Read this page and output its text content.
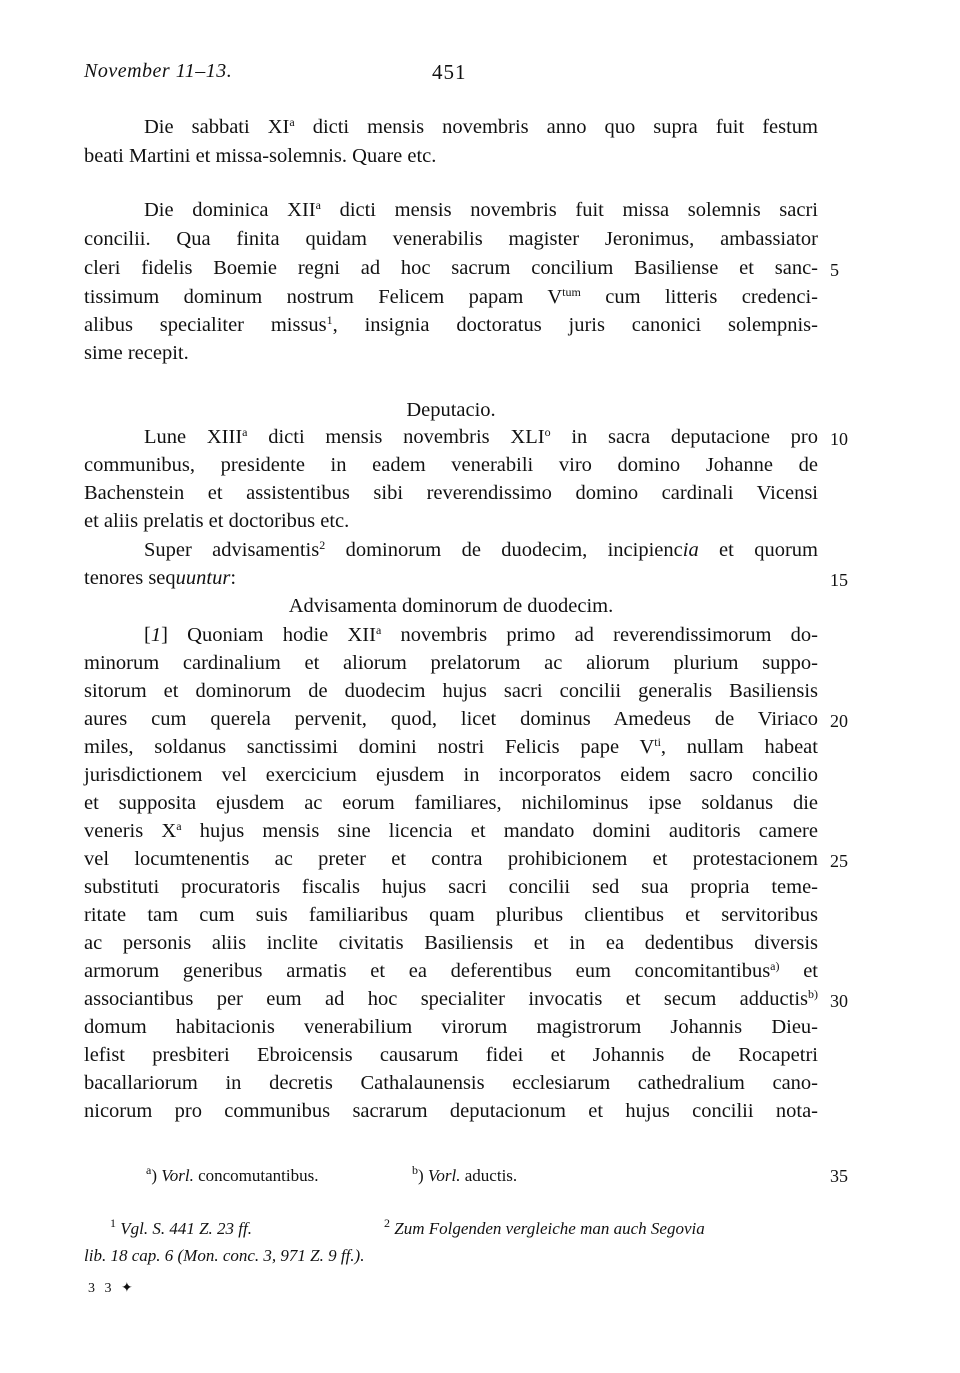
November 11–13.	451
Die sabbati $XI^a$ dicti mensis novembris anno quo supra fuit festum
beati Martini et missa-solemnis. Quare etc.
Die dominica XII$^a$ dicti mensis novembris fuit missa solemnis sacri
concilii. Qua finita quidam venerabilis magister Jeronimus, ambassiator
cleri fidelis Boemie regni ad hoc sacrum concilium Basiliense et sanc- 5
tissimum dominum nostrum Felicem papam $V^{tum}$ cum litteris credenci-
alibus specialiter missus$^1$, insignia doctoratus juris canonici solempnis-
sime recepit.
Deputacio.
Lune XIII$^a$ dicti mensis novembris XLI$^o$ in sacra deputacione pro 10
communibus, presidente in eadem venerabili viro domino Johanne de
Bachenstein et assistentibus sibi reverendissimo domino cardinali Vicensi
et aliis prelatis et doctoribus etc.
Super advisamentis$^2$ dominorum de duodecim, incipiencia et quorum
tenores sequuntur:	15
Advisamenta dominorum de duodecim.
[1] Quoniam hodie XII$^a$ novembris primo ad reverendissimorum do-
minorum cardinalium et aliorum prelatorum ac aliorum plurium suppo-
sitorum et dominorum de duodecim hujus sacri concilii generalis Basiliensis
aures cum querela pervenit, quod, licet dominus Amedeus de Viriaco 20
miles, soldanus sanctissimi domini nostri Felicis pape $V^{ti}$, nullam habeat
jurisdictionem vel exercicium ejusdem in incorporatos eidem sacro concilio
et supposita ejusdem ac eorum familiares, nichilominus ipse soldanus die
veneris $X^a$ hujus mensis sine licencia et mandato domini auditoris camere
vel locumtenentis ac preter et contra prohibicionem et protestacionem 25
substituti procuratoris fiscalis hujus sacri concilii sed sua propria teme-
ritate tam cum suis familiaribus quam pluribus clientibus et servitoribus
ac personis aliis inclite civitatis Basiliensis et in ea dedentibus diversis
armorum generibus armatis et ea deferentibus eum concomitantibus$^{a)}$ et
associantibus per eum ad hoc specialiter invocatis et secum adductis$^{b)}$ 30
domum habitacionis venerabilium virorum magistrorum Johannis Dieu-
lefist presbiteri Ebroicensis causarum fidei et Johannis de Rocapetri
bacallariorum in decretis Cathalaunensis ecclesiarum cathedralium cano-
nicorum pro communibus sacrarum deputacionum et hujus concilii nota-
$^a$) Vorl. concomutantibus.	$^b$) Vorl. aductis.	35
$^1$ Vgl. S. 441 Z. 23 ff.	$^2$ Zum Folgenden vergleiche man auch Segovia
lib. 18 cap. 6 (Mon. conc. 3, 971 Z. 9 ff.).
3 3 ✦
